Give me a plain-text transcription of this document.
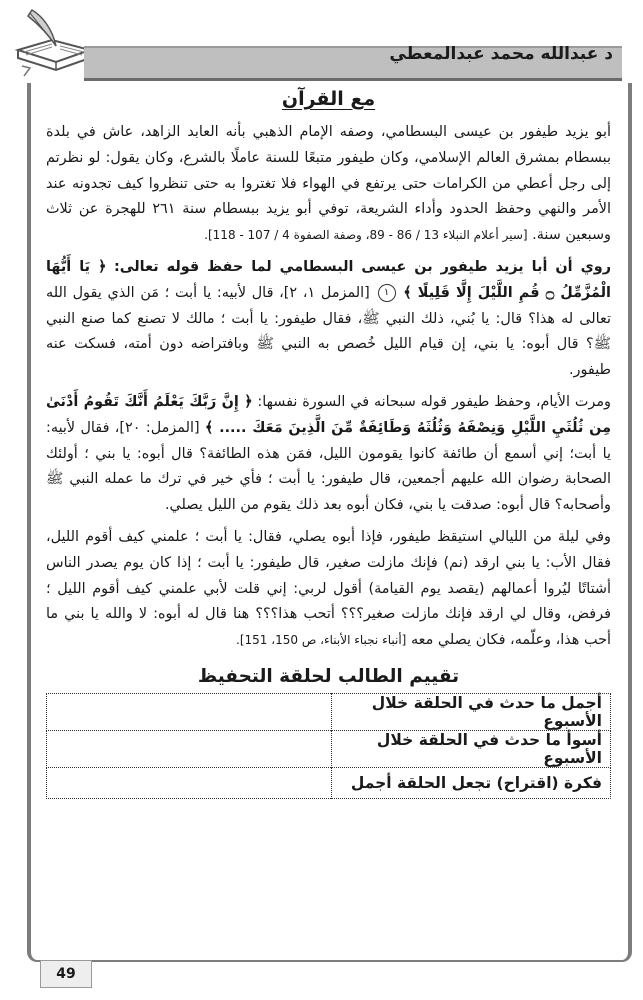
د عبدالله محمد عبدالمعطي
مع القرآن

أبو يزيد طيفور بن عيسى البسطامي، وصفه الإمام الذهبي بأنه العابد الزاهد، عاش في بلدة ببسطام بمشرق العالم الإسلامي، وكان طيفور متبعًا للسنة عاملًا بالشرع، وكان يقول: لو نظرتم إلى رجل أعطي من الكرامات حتى يرتفع في الهواء فلا تغتروا به حتى تنظروا كيف تجدونه عند الأمر والنهي وحفظ الحدود وأداء الشريعة، توفي أبو يزيد ببسطام سنة ٢٦١ للهجرة عن ثلاث وسبعين سنة. [سير أعلام النبلاء 13 / 86 - 89، وصفة الصفوة 4 / 107 - 118].

روي أن أبا يزيد طيفور بن عيسى البسطامي لما حفظ قوله تعالى: ﴿ يَا أَيُّهَا الْمُزَّمِّلُ ۝ قُمِ اللَّيْلَ إِلَّا قَلِيلًا ﴾ ١ [المزمل ١، ٢]، قال لأبيه: يا أبت ؛ مَن الذي يقول الله تعالى له هذا؟ قال: يا بُني، ذلك النبي ﷺ، فقال طيفور: يا أبت ؛ مالك لا تصنع كما صنع النبي ﷺ؟ قال أبوه: يا بني، إن قيام الليل خُصص به النبي ﷺ وبافتراضه دون أمته، فسكت عنه طيفور.

ومرت الأيام، وحفظ طيفور قوله سبحانه في السورة نفسها: ﴿ إِنَّ رَبَّكَ يَعْلَمُ أَنَّكَ تَقُومُ أَدْنَىٰ مِن ثُلُثَيِ اللَّيْلِ وَنِصْفَهُ وَثُلُثَهُ وَطَائِفَةٌ مِّنَ الَّذِينَ مَعَكَ ..... ﴾ [المزمل: ٢٠]، فقال لأبيه: يا أبت؛ إني أسمع أن طائفة كانوا يقومون الليل، فمَن هذه الطائفة؟ قال أبوه: يا بني ؛ أولئك الصحابة رضوان الله عليهم أجمعين، قال طيفور: يا أبت ؛ فأي خير في ترك ما عمله النبي ﷺ وأصحابه؟ قال أبوه: صدقت يا بني، فكان أبوه بعد ذلك يقوم من الليل يصلي.

وفي ليلة من الليالي استيقظ طيفور، فإذا أبوه يصلي، فقال: يا أبت ؛ علمني كيف أقوم الليل، فقال الأب: يا بني ارقد (نم) فإنك مازلت صغير، قال طيفور: يا أبت ؛ إذا كان يوم يصدر الناس أشتاتًا ليُروا أعمالهم (يقصد يوم القيامة) أقول لربي: إني قلت لأبي علمني كيف أقوم الليل ؛ فرفض، وقال لي ارقد فإنك مازلت صغير؟؟؟ أتحب هذا؟؟؟ هنا قال له أبوه: لا والله يا بني ما أحب هذا، وعلّمه، فكان يصلي معه [أنباء نجباء الأبناء، ص 150، 151].

تقييم الطالب لحلقة التحفيظ
أجمل ما حدث في الحلقة خلال الأسبوع	
أسوأ ما حدث في الحلقة خلال الأسبوع	
فكرة (اقتراح) تجعل الحلقة أجمل	
49
